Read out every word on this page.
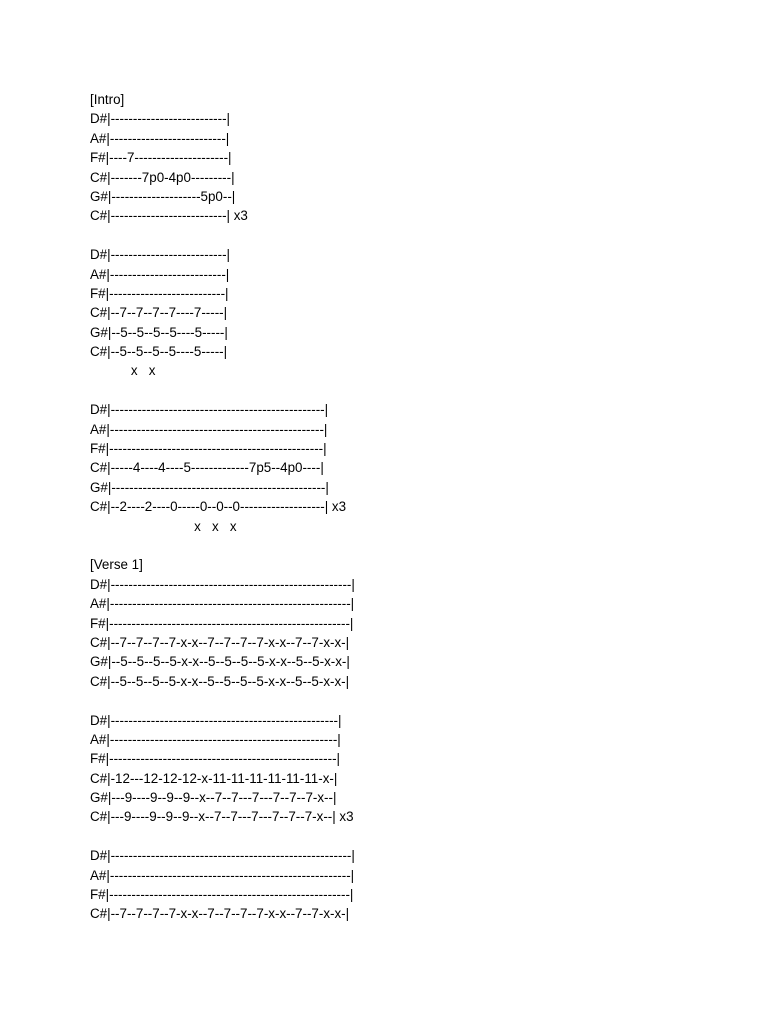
[Intro]
D#|--------------------------|
A#|--------------------------|
F#|----7---------------------|
C#|-------7p0-4p0---------|
G#|--------------------5p0--|
C#|--------------------------| x3
D#|--------------------------|
A#|--------------------------|
F#|--------------------------|
C#|--7--7--7--7----7-----|
G#|--5--5--5--5----5-----|
C#|--5--5--5--5----5-----|
x   x
D#|------------------------------------------------|
A#|------------------------------------------------|
F#|------------------------------------------------|
C#|-----4----4----5-------------7p5--4p0----|
G#|------------------------------------------------|
C#|--2----2----0-----0--0--0-------------------| x3
x   x   x
[Verse 1]
D#|------------------------------------------------------|
A#|------------------------------------------------------|
F#|------------------------------------------------------|
C#|--7--7--7--7-x-x--7--7--7--7-x-x--7--7-x-x-|
G#|--5--5--5--5-x-x--5--5--5--5-x-x--5--5-x-x-|
C#|--5--5--5--5-x-x--5--5--5--5-x-x--5--5-x-x-|
D#|---------------------------------------------------|
A#|---------------------------------------------------|
F#|---------------------------------------------------|
C#|-12---12-12-12-x-11-11-11-11-11-11-x-|
G#|---9----9--9--9--x--7--7---7---7--7--7-x--|
C#|---9----9--9--9--x--7--7---7---7--7--7-x--| x3
D#|------------------------------------------------------|
A#|------------------------------------------------------|
F#|------------------------------------------------------|
C#|--7--7--7--7-x-x--7--7--7--7-x-x--7--7-x-x-|
